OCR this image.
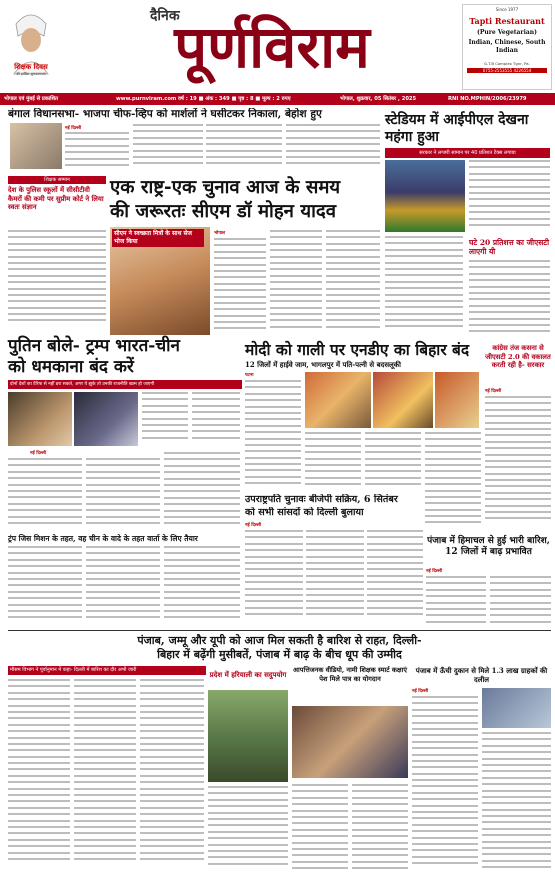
शिक्षक दिवस
की हार्दिक शुभकामनाएं
दैनिक
पूर्णविराम
Since 1977
Tapti Restaurant
(Pure Vegetarian)
Indian, Chinese, South Indian
G.T.B Complex Tgnr, Pa.
0755-2553555 4226554
भोपाल एवं मुंबई से प्रकाशित	www.purnviram.com वर्ष : 19 ■ अंक : 349 ■ पृष्ठ : 8 ■ मूल्य : 2 रुपए	भोपाल, शुक्रवार, 05 सितंबर , 2025	RNI NO.MPHIN/2006/23979
बंगाल विधानसभा- भाजपा चीफ-व्हिप को मार्शलों ने घसीटकर निकाला, बेहोश हुए
नई दिल्ली
स्टेडियम में आईपीएल देखना महंगा हुआ
सरकार ने लग्जरी सामान पर 40 प्रतिशत टैक्स लगाया
शिक्षक सम्मान
देश के पुलिस स्कूलों में सीसीटीवी कैमरों की कमी पर सुप्रीम कोर्ट ने लिया स्वतः संज्ञान
एक राष्ट्र-एक चुनाव आज के समय
की जरूरतः सीएम डॉ मोहन यादव
सीएम ने स्वच्छता मित्रों के साथ सेज भोज किया
भोपाल
घटे 20 प्रतिशत्त का जीएसटी लाएगी यी
पुतिन बोले- ट्रम्प भारत-चीन
को धमकाना बंद करें
दोनों देशों का टैरिफ से नहीं डरा सकते, अगर ये झुके तो उनकी राजनीति खत्म हो जाएगी
नई दिल्ली
मोदी को गाली पर एनडीए का बिहार बंद
12 जिलों में हाईवे जाम, भागलपुर में पति-पत्नी से बदसलूकी
पटना
कांग्रेस तंज कसना से जीएसटी 2.0 की वकालत करती रही है- सरकार
नई दिल्ली
उपराष्ट्रपति चुनावः बीजेपी सक्रिय, 6 सितंबर
को सभी सांसदों को दिल्ली बुलाया
नई दिल्ली
पंजाब में हिमाचल से हुई भारी बारिश, 12 जिलों में बाढ़ प्रभावित
नई दिल्ली
ट्रंप जिस मिशन के तहत, वह चीन के वादे के तहत वार्ता के लिए तैयार
पंजाब, जम्मू और यूपी को आज मिल सकती है बारिश से राहत, दिल्ली-
बिहार में बढ़ेंगी मुसीबतें, पंजाब में बाढ़ के बीच धूप की उम्मीद
मौसम विभाग ने पूर्वानुमान में कहा- दिल्ली में बारिश का दौर अभी जारी	प्रदेश में हरियाली का सदुपयोग आपत्तिजनक वीडियो, नामी शिक्षक स्मार्ट कक्षाएं पेश मिले पात्र का योगदान
पंजाब में ऊँची दुकान से मिले 1.3 लाख ग्राहकों की दलील
नई दिल्ली
